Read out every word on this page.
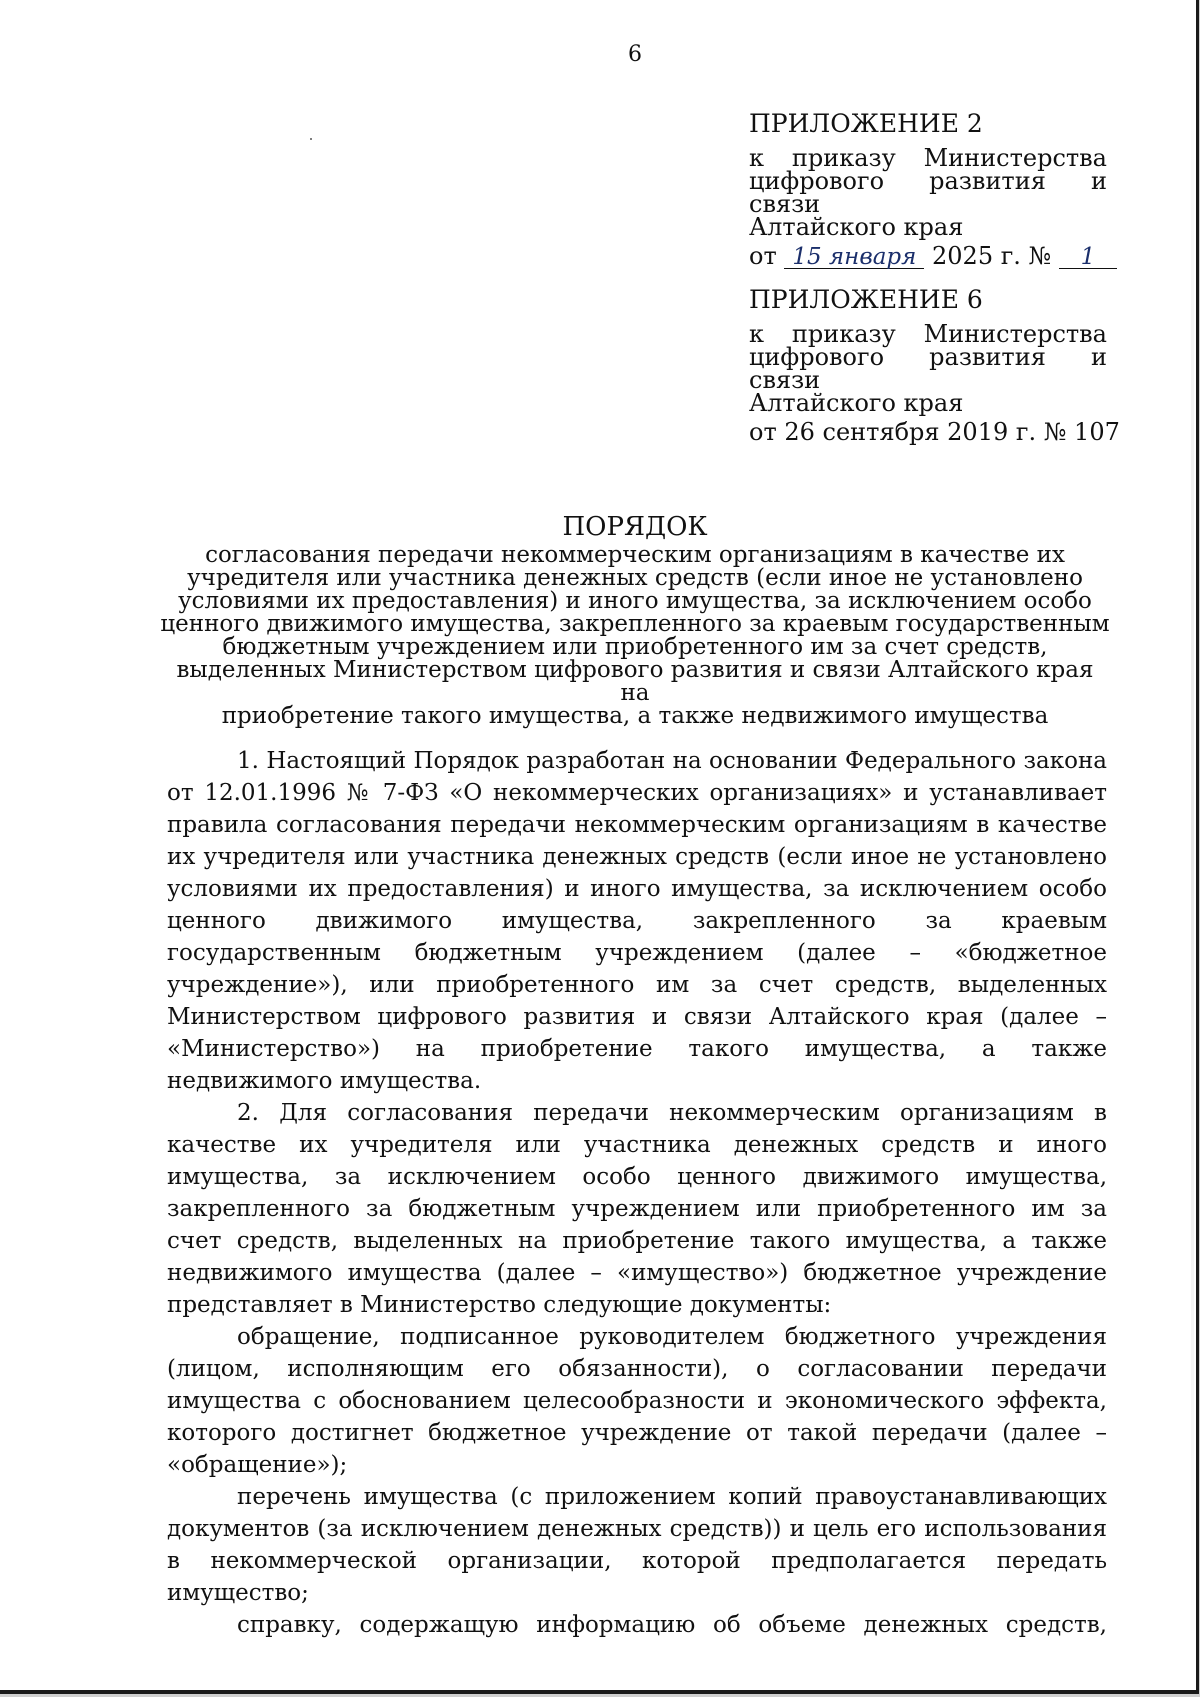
6
ПРИЛОЖЕНИЕ 2
к приказу Министерства
цифрового развития и связи
Алтайского края
от 15 января 2025 г. № 1
ПРИЛОЖЕНИЕ 6
к приказу Министерства
цифрового развития и связи
Алтайского края
от 26 сентября 2019 г. № 107
ПОРЯДОК
согласования передачи некоммерческим организациям в качестве их
учредителя или участника денежных средств (если иное не установлено
условиями их предоставления) и иного имущества, за исключением особо
ценного движимого имущества, закрепленного за краевым государственным
бюджетным учреждением или приобретенного им за счет средств,
выделенных Министерством цифрового развития и связи Алтайского края на
приобретение такого имущества, а также недвижимого имущества

1. Настоящий Порядок разработан на основании Федерального закона от 12.01.1996 № 7-ФЗ «О некоммерческих организациях» и устанавливает правила согласования передачи некоммерческим организациям в качестве их учредителя или участника денежных средств (если иное не установлено условиями их предоставления) и иного имущества, за исключением особо ценного движимого имущества, закрепленного за краевым государственным бюджетным учреждением (далее – «бюджетное учреждение»), или приобретенного им за счет средств, выделенных Министерством цифрового развития и связи Алтайского края (далее – «Министерство») на приобретение такого имущества, а также недвижимого имущества.

2. Для согласования передачи некоммерческим организациям в качестве их учредителя или участника денежных средств и иного имущества, за исключением особо ценного движимого имущества, закрепленного за бюджетным учреждением или приобретенного им за счет средств, выделенных на приобретение такого имущества, а также недвижимого имущества (далее – «имущество») бюджетное учреждение представляет в Министерство следующие документы:

обращение, подписанное руководителем бюджетного учреждения (лицом, исполняющим его обязанности), о согласовании передачи имущества с обоснованием целесообразности и экономического эффекта, которого достигнет бюджетное учреждение от такой передачи (далее – «обращение»);

перечень имущества (с приложением копий правоустанавливающих документов (за исключением денежных средств)) и цель его использования в некоммерческой организации, которой предполагается передать имущество;

справку, содержащую информацию об объеме денежных средств,
